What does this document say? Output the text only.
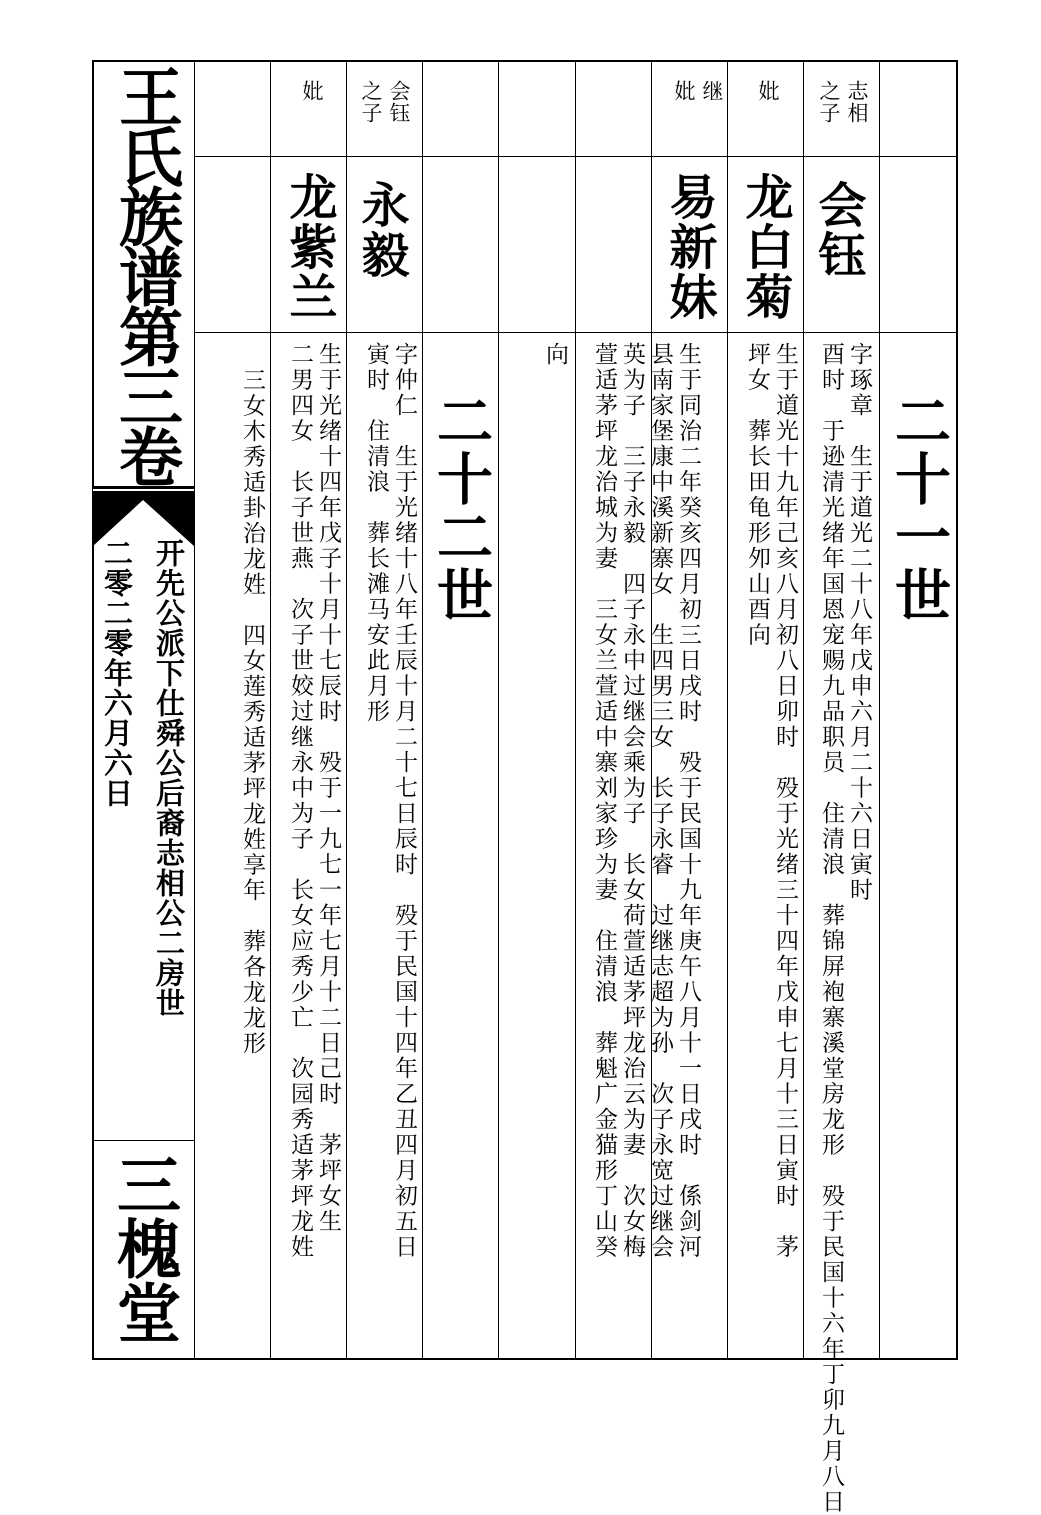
王氏族谱第三卷
开先公派下仕舜公后裔志相公二房世
二零二零年六月六日
三槐堂
二十一世
志相
之子
会钰
字琢章　生于道光二十八年戊申六月二十六日寅时
酉时　于逊清光绪年国恩宠赐九品职员　住清浪　葬锦屏袍寨溪堂房龙形　殁于民国十六年丁卯九月八日
妣
龙白菊
生于道光十九年己亥八月初八日卯时　殁于光绪三十四年戊申七月十三日寅时　茅
坪女　葬长田龟形夘山酉向
继
妣
易新妹
生于同治二年癸亥四月初三日戌时　殁于民国十九年庚午八月十一日戌时　係剑河
县南家堡康中溪新寨女　生四男三女　长子永睿　过继志超为孙　次子永宽过继会
英为子　三子永毅　四子永中过继会乘为子　长女荷萱适茅坪龙治云为妻　次女梅
萱适茅坪龙治城为妻　三女兰萱适中寨刘家珍为妻　住清浪　葬魁广金猫形丁山癸
向
二十二世
会钰
之子
永毅
字仲仁　生于光绪十八年壬辰十月二十七日辰时　殁于民国十四年乙丑四月初五日
寅时　住清浪　葬长滩马安此月形
妣
龙紫兰
生于光绪十四年戊子十月十七辰时　殁于一九七一年七月十二日己时　茅坪女生
二男四女　长子世燕　次子世姣过继永中为子　长女应秀少亡　次园秀适茅坪龙姓
三女木秀适卦治龙姓　四女莲秀适茅坪龙姓享年　葬各龙龙形
